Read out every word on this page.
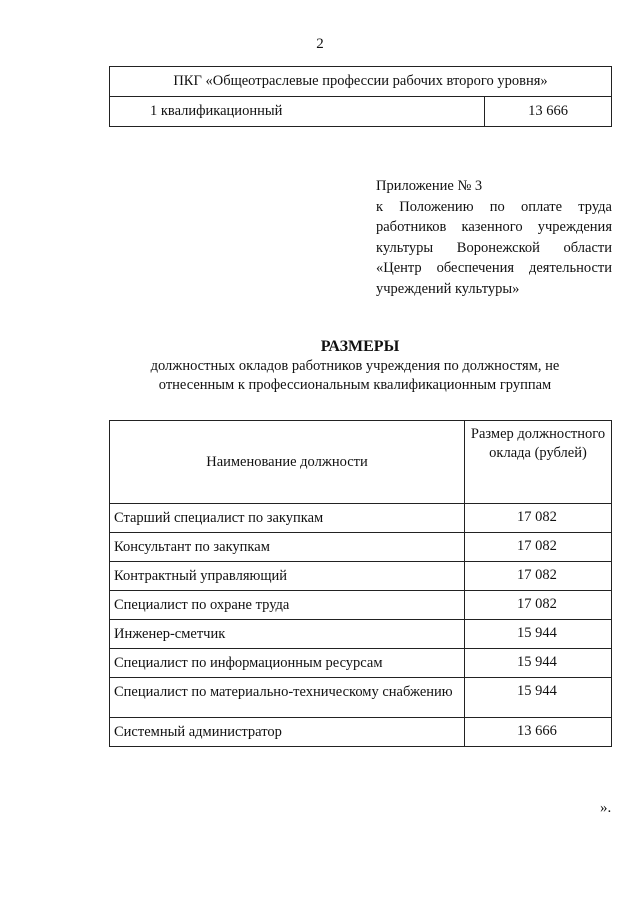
2
ПКГ «Общеотраслевые профессии рабочих второго уровня»
1 квалификационный	13 666
Приложение № 3
к Положению по оплате труда работников казенного учреждения культуры Воронежской области «Центр обеспечения деятельности учреждений культуры»
РАЗМЕРЫ
должностных окладов работников учреждения по должностям, не отнесенным к профессиональным квалификационным группам
Наименование должности	Размер должностного оклада (рублей)
Старший специалист по закупкам	17 082
Консультант по закупкам	17 082
Контрактный управляющий	17 082
Специалист по охране труда	17 082
Инженер-сметчик	15 944
Специалист по информационным ресурсам	15 944
Специалист по материально-техническому снабжению	15 944
Системный администратор	13 666
».
